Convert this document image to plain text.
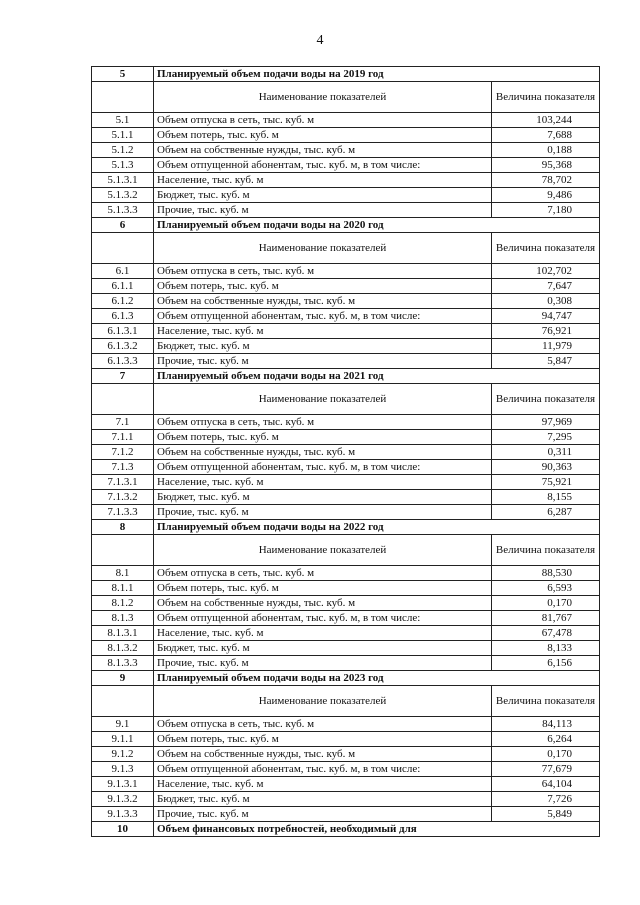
4
5	Планируемый объем подачи воды на 2019 год	
	Наименование показателей	Величина показателя
5.1	Объем отпуска в сеть, тыс. куб. м	103,244
5.1.1	Объем потерь, тыс. куб. м	7,688
5.1.2	Объем на собственные нужды, тыс. куб. м	0,188
5.1.3	Объем отпущенной абонентам, тыс. куб. м, в том числе:	95,368
5.1.3.1	Население, тыс. куб. м	78,702
5.1.3.2	Бюджет, тыс. куб. м	9,486
5.1.3.3	Прочие, тыс. куб. м	7,180
6	Планируемый объем подачи воды на 2020 год	
	Наименование показателей	Величина показателя
6.1	Объем отпуска в сеть, тыс. куб. м	102,702
6.1.1	Объем потерь, тыс. куб. м	7,647
6.1.2	Объем на собственные нужды, тыс. куб. м	0,308
6.1.3	Объем отпущенной абонентам, тыс. куб. м, в том числе:	94,747
6.1.3.1	Население, тыс. куб. м	76,921
6.1.3.2	Бюджет, тыс. куб. м	11,979
6.1.3.3	Прочие, тыс. куб. м	5,847
7	Планируемый объем подачи воды на 2021 год	
	Наименование показателей	Величина показателя
7.1	Объем отпуска в сеть, тыс. куб. м	97,969
7.1.1	Объем потерь, тыс. куб. м	7,295
7.1.2	Объем на собственные нужды, тыс. куб. м	0,311
7.1.3	Объем отпущенной абонентам, тыс. куб. м, в том числе:	90,363
7.1.3.1	Население, тыс. куб. м	75,921
7.1.3.2	Бюджет, тыс. куб. м	8,155
7.1.3.3	Прочие, тыс. куб. м	6,287
8	Планируемый объем подачи воды на 2022 год	
	Наименование показателей	Величина показателя
8.1	Объем отпуска в сеть, тыс. куб. м	88,530
8.1.1	Объем потерь, тыс. куб. м	6,593
8.1.2	Объем на собственные нужды, тыс. куб. м	0,170
8.1.3	Объем отпущенной абонентам, тыс. куб. м, в том числе:	81,767
8.1.3.1	Население, тыс. куб. м	67,478
8.1.3.2	Бюджет, тыс. куб. м	8,133
8.1.3.3	Прочие, тыс. куб. м	6,156
9	Планируемый объем подачи воды на 2023 год	
	Наименование показателей	Величина показателя
9.1	Объем отпуска в сеть, тыс. куб. м	84,113
9.1.1	Объем потерь, тыс. куб. м	6,264
9.1.2	Объем на собственные нужды, тыс. куб. м	0,170
9.1.3	Объем отпущенной абонентам, тыс. куб. м, в том числе:	77,679
9.1.3.1	Население, тыс. куб. м	64,104
9.1.3.2	Бюджет, тыс. куб. м	7,726
9.1.3.3	Прочие, тыс. куб. м	5,849
10	Объем финансовых потребностей, необходимый для	
